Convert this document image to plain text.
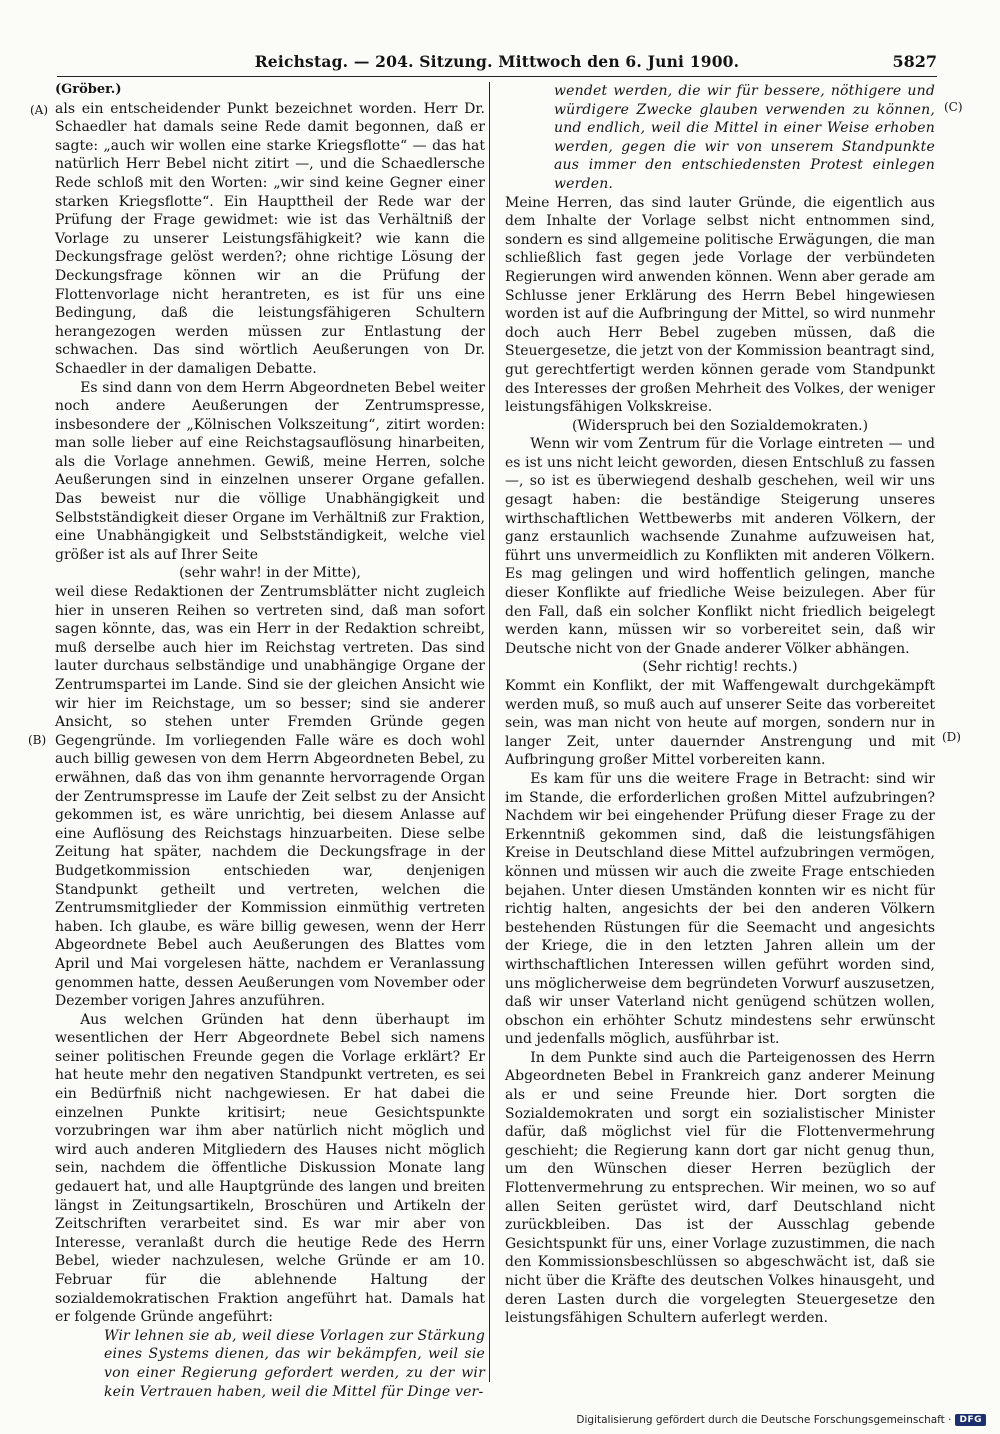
Reichstag. — 204. Sitzung. Mittwoch den 6. Juni 1900.	5827
(A)
(B)
(C)
(D)

(Gröber.)

als ein entscheidender Punkt bezeichnet worden. Herr Dr. Schaedler hat damals seine Rede damit begonnen, daß er sagte: „auch wir wollen eine starke Kriegsflotte“ — das hat natürlich Herr Bebel nicht zitirt —, und die Schaedlersche Rede schloß mit den Worten: „wir sind keine Gegner einer starken Kriegsflotte“. Ein Haupttheil der Rede war der Prüfung der Frage gewidmet: wie ist das Verhältniß der Vorlage zu unserer Leistungsfähigkeit? wie kann die Deckungsfrage gelöst werden?; ohne richtige Lösung der Deckungsfrage können wir an die Prüfung der Flottenvorlage nicht herantreten, es ist für uns eine Bedingung, daß die leistungsfähigeren Schultern herangezogen werden müssen zur Entlastung der schwachen. Das sind wörtlich Aeußerungen von Dr. Schaedler in der damaligen Debatte.

Es sind dann von dem Herrn Abgeordneten Bebel weiter noch andere Aeußerungen der Zentrumspresse, insbesondere der „Kölnischen Volkszeitung“, zitirt worden: man solle lieber auf eine Reichstagsauflösung hinarbeiten, als die Vorlage annehmen. Gewiß, meine Herren, solche Aeußerungen sind in einzelnen unserer Organe gefallen. Das beweist nur die völlige Unabhängigkeit und Selbstständigkeit dieser Organe im Verhältniß zur Fraktion, eine Unabhängigkeit und Selbstständigkeit, welche viel größer ist als auf Ihrer Seite

(sehr wahr! in der Mitte),

weil diese Redaktionen der Zentrumsblätter nicht zugleich hier in unseren Reihen so vertreten sind, daß man sofort sagen könnte, das, was ein Herr in der Redaktion schreibt, muß derselbe auch hier im Reichstag vertreten. Das sind lauter durchaus selbständige und unabhängige Organe der Zentrumspartei im Lande. Sind sie der gleichen Ansicht wie wir hier im Reichstage, um so besser; sind sie anderer Ansicht, so stehen unter Fremden Gründe gegen Gegengründe. Im vorliegenden Falle wäre es doch wohl auch billig gewesen von dem Herrn Abgeordneten Bebel, zu erwähnen, daß das von ihm genannte hervorragende Organ der Zentrumspresse im Laufe der Zeit selbst zu der Ansicht gekommen ist, es wäre unrichtig, bei diesem Anlasse auf eine Auflösung des Reichstags hinzuarbeiten. Diese selbe Zeitung hat später, nachdem die Deckungsfrage in der Budgetkommission entschieden war, denjenigen Standpunkt getheilt und vertreten, welchen die Zentrumsmitglieder der Kommission einmüthig vertreten haben. Ich glaube, es wäre billig gewesen, wenn der Herr Abgeordnete Bebel auch Aeußerungen des Blattes vom April und Mai vorgelesen hätte, nachdem er Veranlassung genommen hatte, dessen Aeußerungen vom November oder Dezember vorigen Jahres anzuführen.

Aus welchen Gründen hat denn überhaupt im wesentlichen der Herr Abgeordnete Bebel sich namens seiner politischen Freunde gegen die Vorlage erklärt? Er hat heute mehr den negativen Standpunkt vertreten, es sei ein Bedürfniß nicht nachgewiesen. Er hat dabei die einzelnen Punkte kritisirt; neue Gesichtspunkte vorzubringen war ihm aber natürlich nicht möglich und wird auch anderen Mitgliedern des Hauses nicht möglich sein, nachdem die öffentliche Diskussion Monate lang gedauert hat, und alle Hauptgründe des langen und breiten längst in Zeitungsartikeln, Broschüren und Artikeln der Zeitschriften verarbeitet sind. Es war mir aber von Interesse, veranlaßt durch die heutige Rede des Herrn Bebel, wieder nachzulesen, welche Gründe er am 10. Februar für die ablehnende Haltung der sozialdemokratischen Fraktion angeführt hat. Damals hat er folgende Gründe angeführt:

Wir lehnen sie ab, weil diese Vorlagen zur Stärkung eines Systems dienen, das wir bekämpfen, weil sie von einer Regierung gefordert werden, zu der wir kein Vertrauen haben, weil die Mittel für Dinge ver-

wendet werden, die wir für bessere, nöthigere und würdigere Zwecke glauben verwenden zu können, und endlich, weil die Mittel in einer Weise erhoben werden, gegen die wir von unserem Standpunkte aus immer den entschiedensten Protest einlegen werden.

Meine Herren, das sind lauter Gründe, die eigentlich aus dem Inhalte der Vorlage selbst nicht entnommen sind, sondern es sind allgemeine politische Erwägungen, die man schließlich fast gegen jede Vorlage der verbündeten Regierungen wird anwenden können. Wenn aber gerade am Schlusse jener Erklärung des Herrn Bebel hingewiesen worden ist auf die Aufbringung der Mittel, so wird nunmehr doch auch Herr Bebel zugeben müssen, daß die Steuergesetze, die jetzt von der Kommission beantragt sind, gut gerechtfertigt werden können gerade vom Standpunkt des Interesses der großen Mehrheit des Volkes, der weniger leistungsfähigen Volkskreise.

(Widerspruch bei den Sozialdemokraten.)

Wenn wir vom Zentrum für die Vorlage eintreten — und es ist uns nicht leicht geworden, diesen Entschluß zu fassen —, so ist es überwiegend deshalb geschehen, weil wir uns gesagt haben: die beständige Steigerung unseres wirthschaftlichen Wettbewerbs mit anderen Völkern, der ganz erstaunlich wachsende Zunahme aufzuweisen hat, führt uns unvermeidlich zu Konflikten mit anderen Völkern. Es mag gelingen und wird hoffentlich gelingen, manche dieser Konflikte auf friedliche Weise beizulegen. Aber für den Fall, daß ein solcher Konflikt nicht friedlich beigelegt werden kann, müssen wir so vorbereitet sein, daß wir Deutsche nicht von der Gnade anderer Völker abhängen.

(Sehr richtig! rechts.)

Kommt ein Konflikt, der mit Waffengewalt durchgekämpft werden muß, so muß auch auf unserer Seite das vorbereitet sein, was man nicht von heute auf morgen, sondern nur in langer Zeit, unter dauernder Anstrengung und mit Aufbringung großer Mittel vorbereiten kann.

Es kam für uns die weitere Frage in Betracht: sind wir im Stande, die erforderlichen großen Mittel aufzubringen? Nachdem wir bei eingehender Prüfung dieser Frage zu der Erkenntniß gekommen sind, daß die leistungsfähigen Kreise in Deutschland diese Mittel aufzubringen vermögen, können und müssen wir auch die zweite Frage entschieden bejahen. Unter diesen Umständen konnten wir es nicht für richtig halten, angesichts der bei den anderen Völkern bestehenden Rüstungen für die Seemacht und angesichts der Kriege, die in den letzten Jahren allein um der wirthschaftlichen Interessen willen geführt worden sind, uns möglicherweise dem begründeten Vorwurf auszusetzen, daß wir unser Vaterland nicht genügend schützen wollen, obschon ein erhöhter Schutz mindestens sehr erwünscht und jedenfalls möglich, ausführbar ist.

In dem Punkte sind auch die Parteigenossen des Herrn Abgeordneten Bebel in Frankreich ganz anderer Meinung als er und seine Freunde hier. Dort sorgten die Sozialdemokraten und sorgt ein sozialistischer Minister dafür, daß möglichst viel für die Flottenvermehrung geschieht; die Regierung kann dort gar nicht genug thun, um den Wünschen dieser Herren bezüglich der Flottenvermehrung zu entsprechen. Wir meinen, wo so auf allen Seiten gerüstet wird, darf Deutschland nicht zurückbleiben. Das ist der Ausschlag gebende Gesichtspunkt für uns, einer Vorlage zuzustimmen, die nach den Kommissionsbeschlüssen so abgeschwächt ist, daß sie nicht über die Kräfte des deutschen Volkes hinausgeht, und deren Lasten durch die vorgelegten Steuergesetze den leistungsfähigen Schultern auferlegt werden.

Digitalisierung gefördert durch die Deutsche Forschungsgemeinschaft · DFG
